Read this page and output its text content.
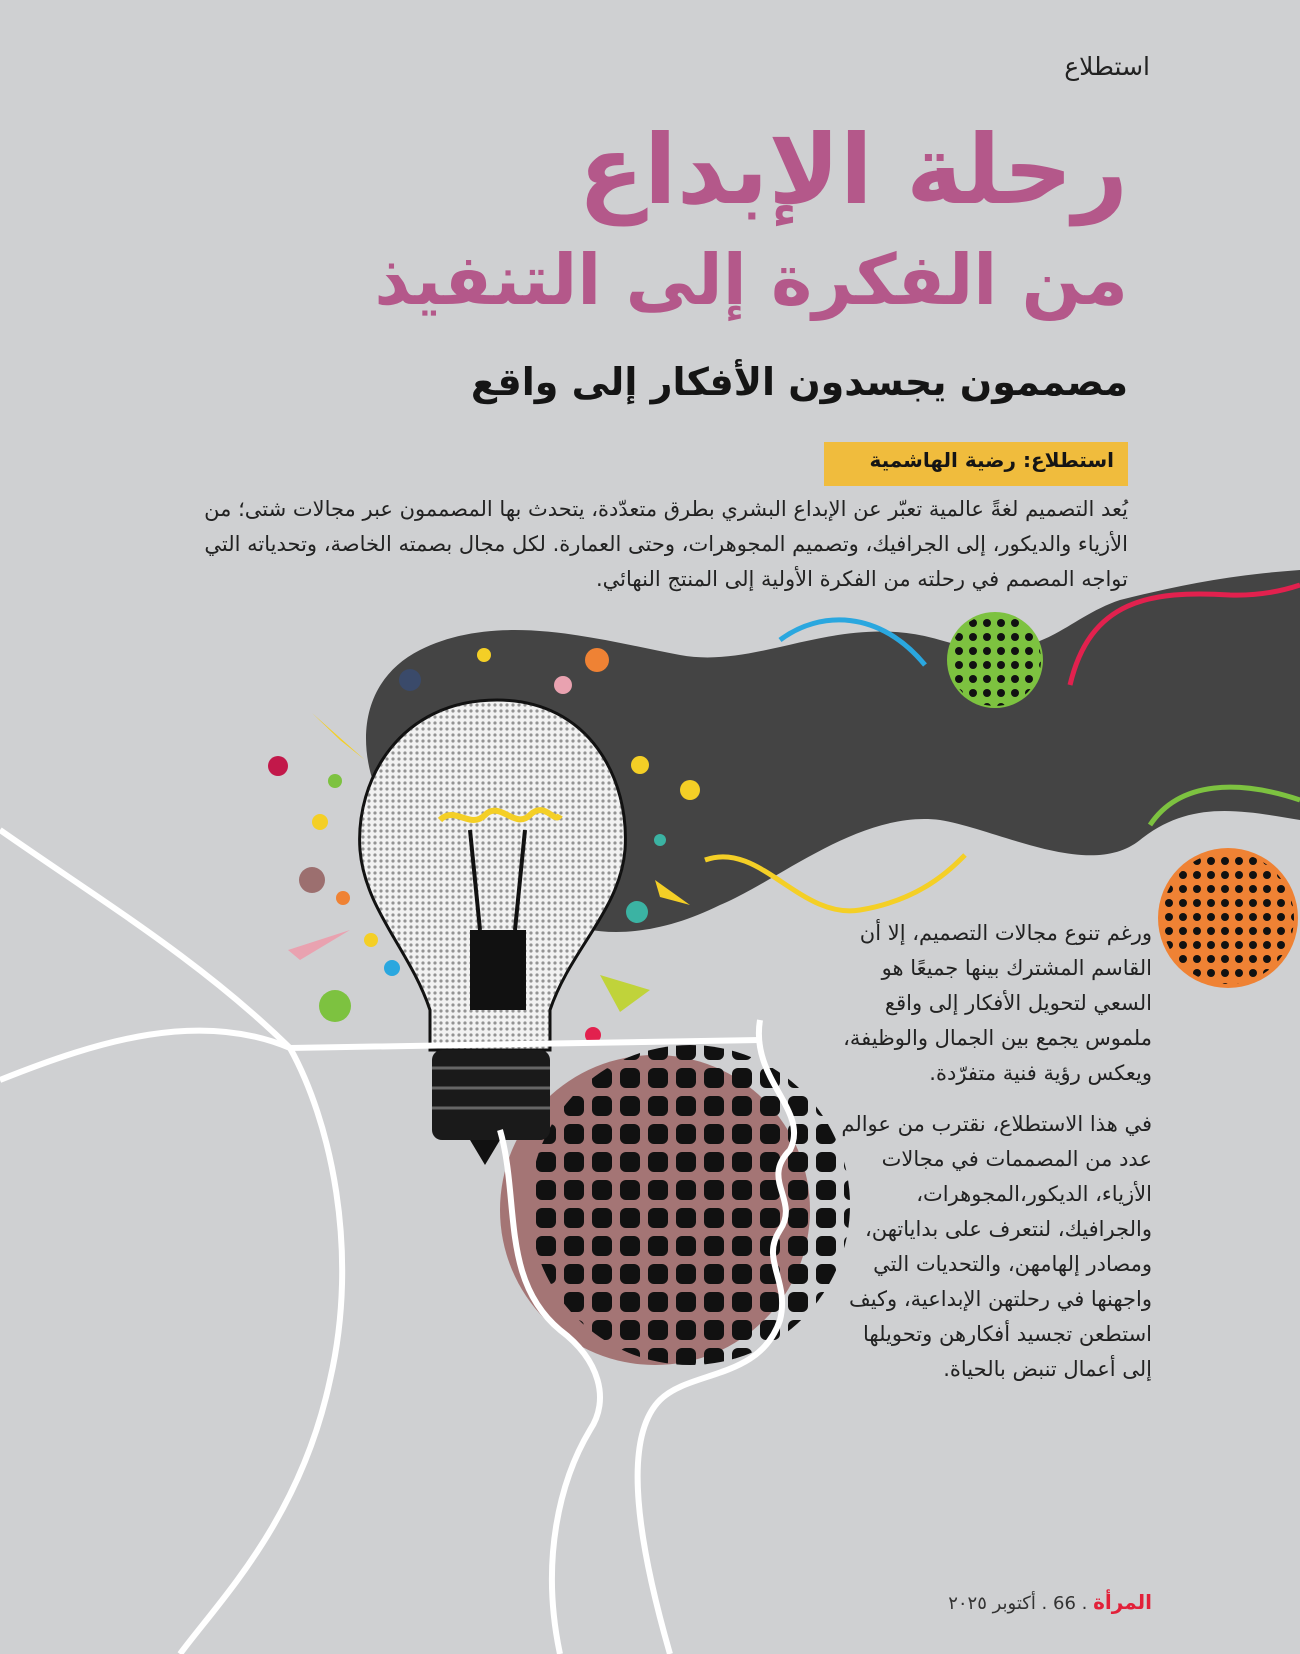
استطلاع
رحلة الإبداع
من الفكرة إلى التنفيذ
مصممون يجسدون الأفكار إلى واقع
استطلاع: رضية الهاشمية

يُعد التصميم لغةً عالمية تعبّر عن الإبداع البشري بطرق متعدّدة، يتحدث بها المصممون عبر مجالات شتى؛ من الأزياء والديكور، إلى الجرافيك، وتصميم المجوهرات، وحتى العمارة. لكل مجال بصمته الخاصة، وتحدياته التي تواجه المصمم في رحلته من الفكرة الأولية إلى المنتج النهائي.

ورغم تنوع مجالات التصميم، إلا أن القاسم المشترك بينها جميعًا هو السعي لتحويل الأفكار إلى واقع ملموس يجمع بين الجمال والوظيفة، ويعكس رؤية فنية متفرّدة.

في هذا الاستطلاع، نقترب من عوالم عدد من المصممات في مجالات الأزياء، الديكور،المجوهرات، والجرافيك، لنتعرف على بداياتهن، ومصادر إلهامهن، والتحديات التي واجهنها في رحلتهن الإبداعية، وكيف استطعن تجسيد أفكارهن وتحويلها إلى أعمال تنبض بالحياة.

المرأة . 66 . أكتوبر ٢٠٢٥
